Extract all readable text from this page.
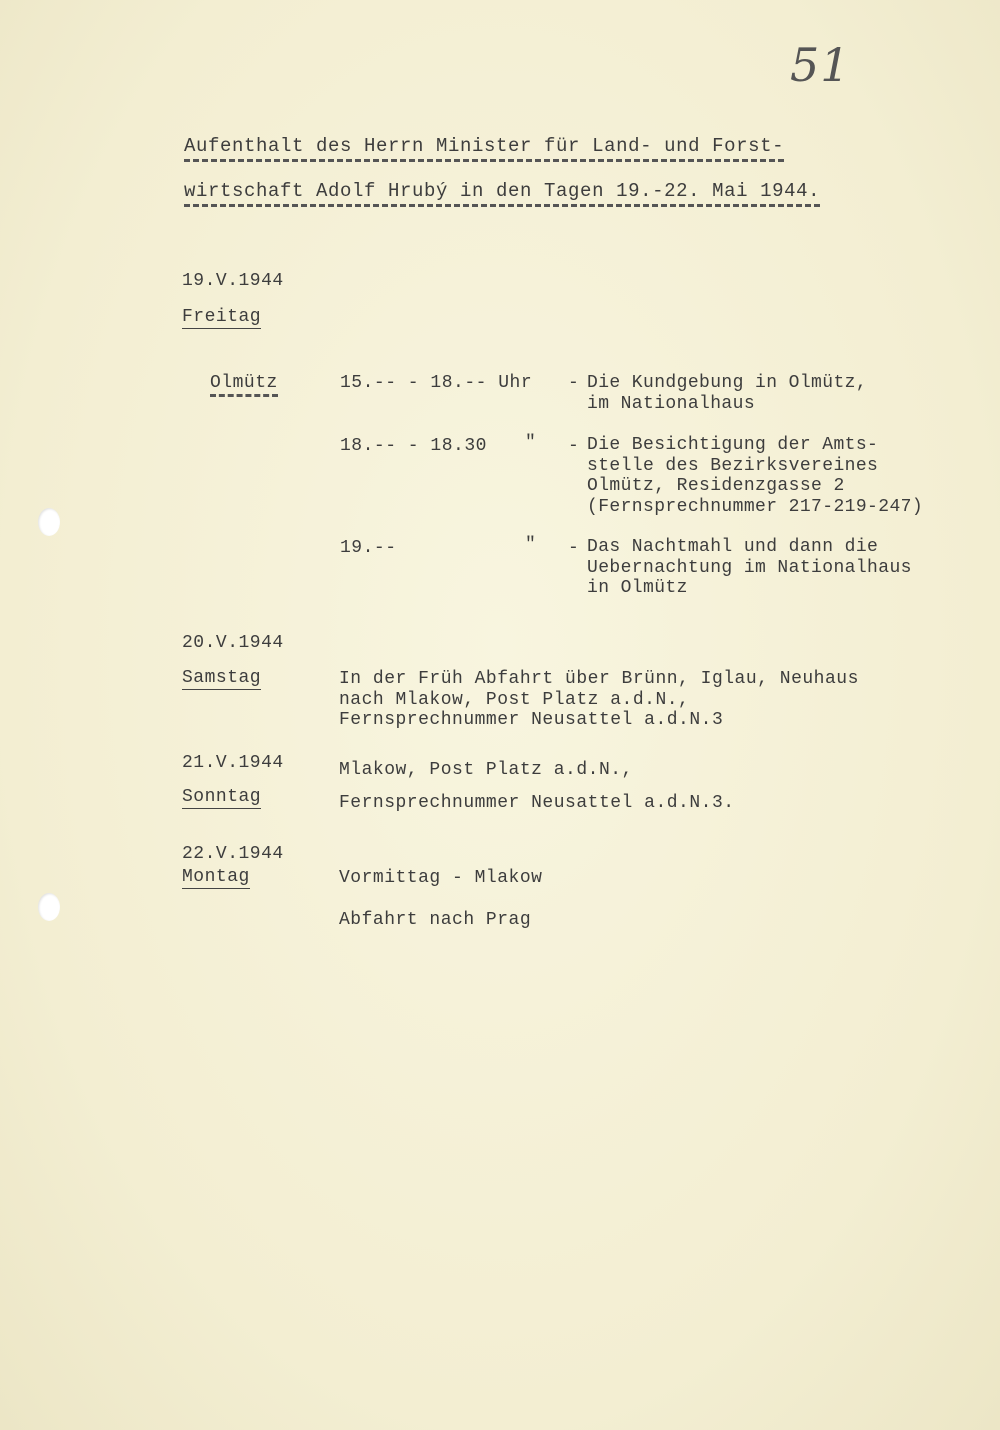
51
Aufenthalt des Herrn Minister für Land- und Forst-
wirtschaft Adolf Hrubý in den Tagen 19.-22. Mai 1944.
19.V.1944
Freitag
Olmütz	15.-- - 18.-- Uhr - Die Kundgebung in Olmütz,
im Nationalhaus
18.-- - 18.30 " - Die Besichtigung der Amts-
stelle des Bezirksvereines
Olmütz, Residenzgasse 2
(Fernsprechnummer 217-219-247)
19.--	" - Das Nachtmahl und dann die
Uebernachtung im Nationalhaus
in Olmütz
20.V.1944
Samstag	In der Früh Abfahrt über Brünn, Iglau, Neuhaus
nach Mlakow, Post Platz a.d.N.,
Fernsprechnummer Neusattel a.d.N.3
21.V.1944
Sonntag
Mlakow, Post Platz a.d.N.,
Fernsprechnummer Neusattel a.d.N.3.
22.V.1944
Montag	Vormittag - Mlakow
Abfahrt nach Prag
